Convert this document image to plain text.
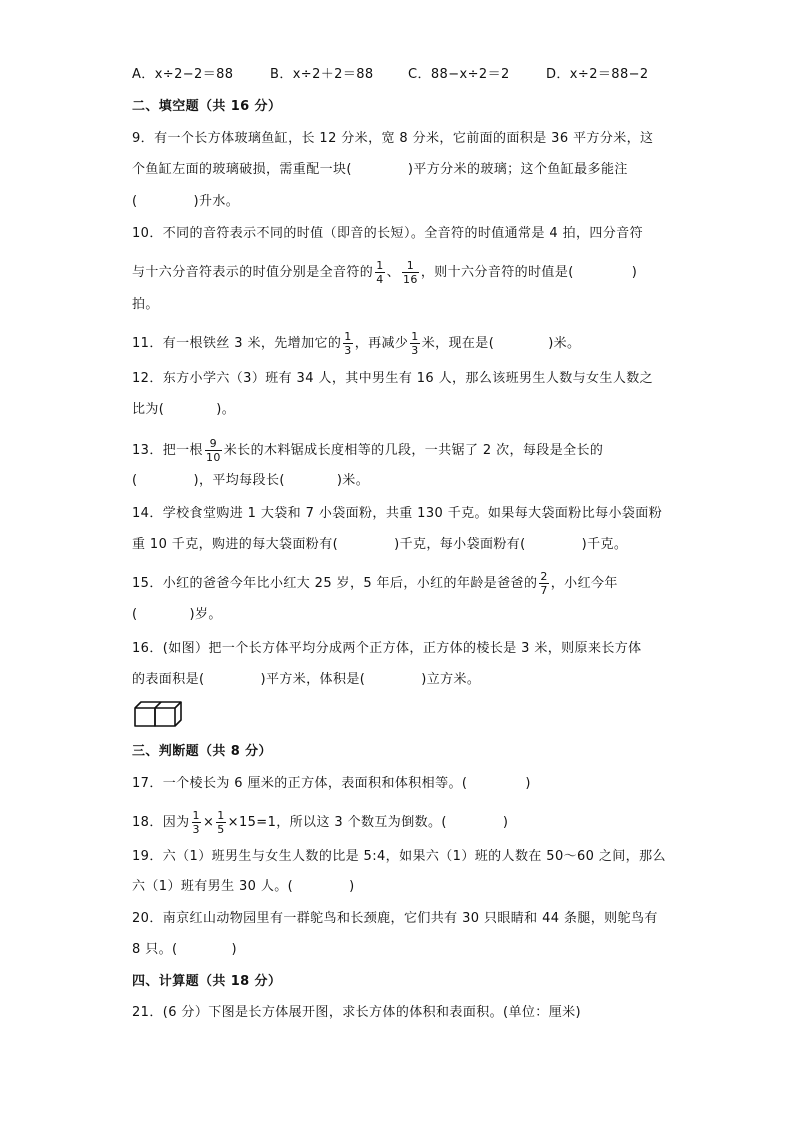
A．x÷2−2＝88	B．x÷2＋2＝88	C．88−x÷2＝2	D．x÷2＝88−2
二、填空题（共 16 分）
9．有一个长方体玻璃鱼缸，长 12 分米，宽 8 分米，它前面的面积是 36 平方分米，这
个鱼缸左面的玻璃破损，需重配一块(	)平方分米的玻璃；这个鱼缸最多能注
(	)升水。
10．不同的音符表示不同的时值（即音的长短）。全音符的时值通常是 4 拍，四分音符
与十六分音符表示的时值分别是全音符的 $\frac{1}{4}$ 、 $\frac{1}{16}$ ，则十六分音符的时值是(	)
拍。
11．有一根铁丝 3 米，先增加它的 $\frac{1}{3}$ ，再减少 $\frac{1}{3}$ 米，现在是(	)米。
12．东方小学六（3）班有 34 人，其中男生有 16 人，那么该班男生人数与女生人数之
比为(	)。
13．把一根 $\frac{9}{10}$ 米长的木料锯成长度相等的几段，一共锯了 2 次，每段是全长的
(	)，平均每段长(	)米。
14．学校食堂购进 1 大袋和 7 小袋面粉，共重 130 千克。如果每大袋面粉比每小袋面粉
重 10 千克，购进的每大袋面粉有(	)千克，每小袋面粉有(	)千克。
15．小红的爸爸今年比小红大 25 岁，5 年后，小红的年龄是爸爸的 $\frac{2}{7}$ ，小红今年
(	)岁。
16．(如图）把一个长方体平均分成两个正方体，正方体的棱长是 3 米，则原来长方体
的表面积是(	)平方米，体积是(	)立方米。
三、判断题（共 8 分）
17．一个棱长为 6 厘米的正方体，表面积和体积相等。(	)
18．因为 $\frac{1}{3} \times \frac{1}{5} \times 15=1$，所以这 3 个数互为倒数。(	)
19．六（1）班男生与女生人数的比是 5:4，如果六（1）班的人数在 50～60 之间，那么
六（1）班有男生 30 人。(	)
20．南京红山动物园里有一群鸵鸟和长颈鹿，它们共有 30 只眼睛和 44 条腿，则鸵鸟有
8 只。(	)
四、计算题（共 18 分）
21．(6 分）下图是长方体展开图，求长方体的体积和表面积。(单位：厘米)
